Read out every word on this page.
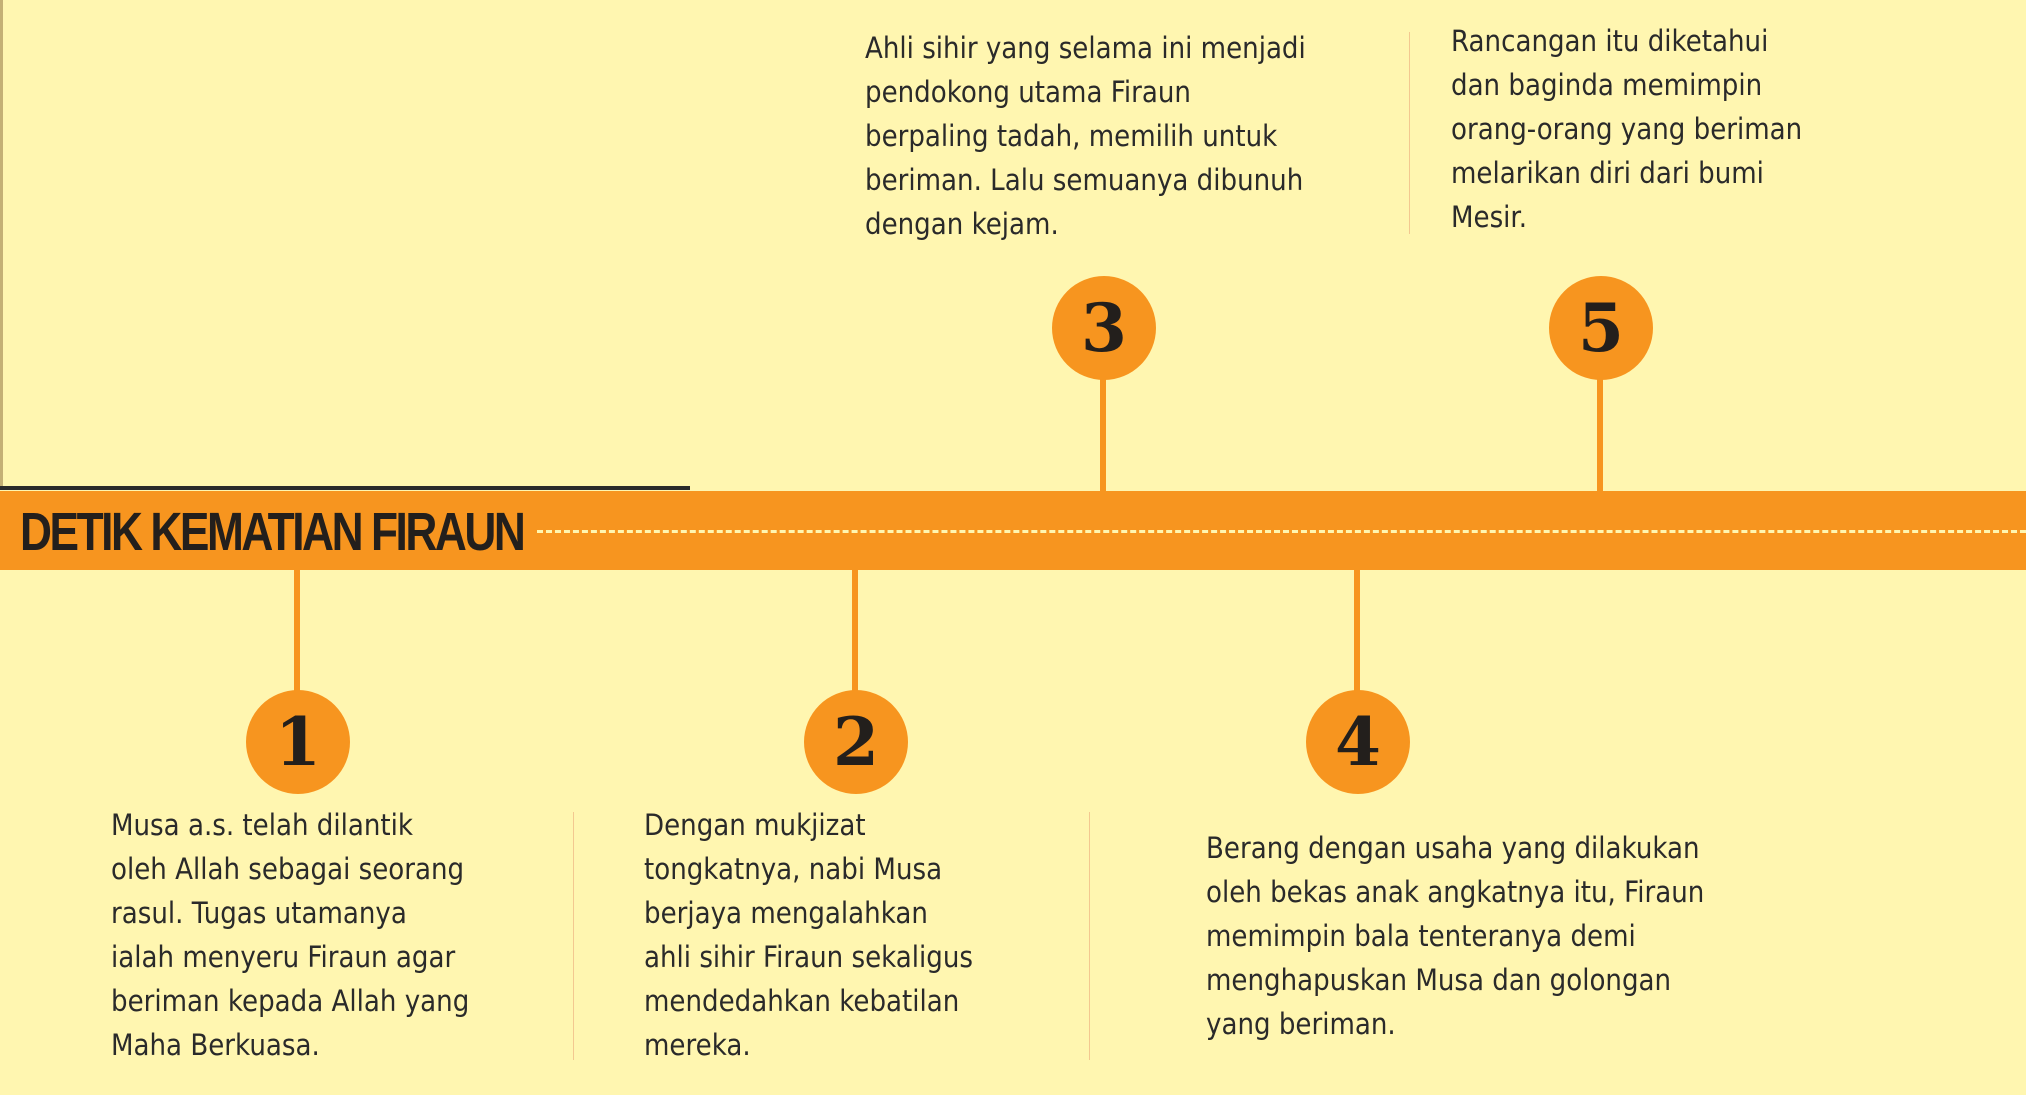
DETIK KEMATIAN FIRAUN
3
Ahli sihir yang selama ini menjadi
pendokong utama Firaun
berpaling tadah, memilih untuk
beriman. Lalu semuanya dibunuh
dengan kejam.
5
Rancangan itu diketahui
dan baginda memimpin
orang-orang yang beriman
melarikan diri dari bumi
Mesir.
1
Musa a.s. telah dilantik
oleh Allah sebagai seorang
rasul. Tugas utamanya
ialah menyeru Firaun agar
beriman kepada Allah yang
Maha Berkuasa.
2
Dengan mukjizat
tongkatnya, nabi Musa
berjaya mengalahkan
ahli sihir Firaun sekaligus
mendedahkan kebatilan
mereka.
4
Berang dengan usaha yang dilakukan
oleh bekas anak angkatnya itu, Firaun
memimpin bala tenteranya demi
menghapuskan Musa dan golongan
yang beriman.
